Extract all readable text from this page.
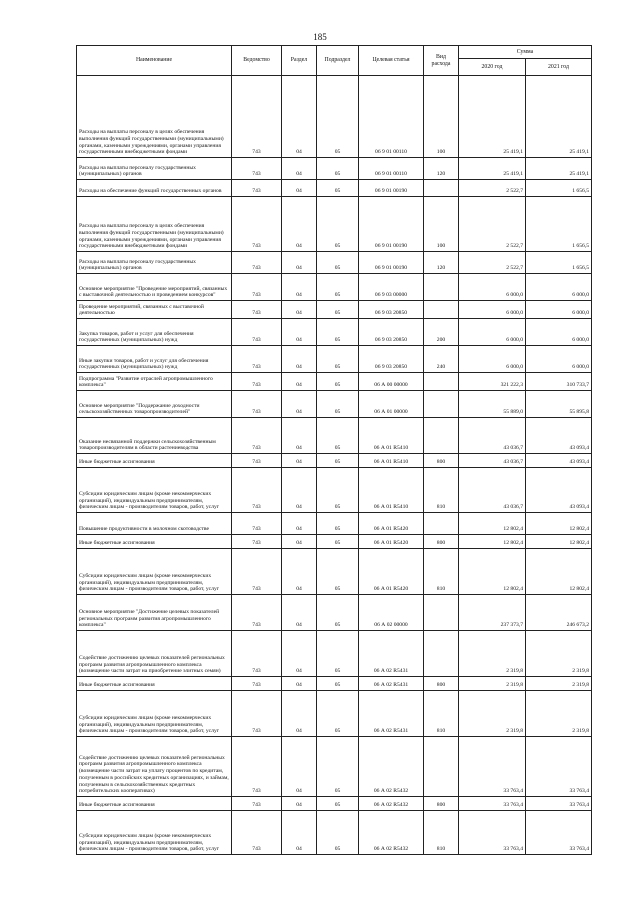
185
Наименование	Ведомство	Раздел	Подраздел	Целевая статья	Вид расхода	Сумма	
						2020 год	2021 год
Расходы на выплаты персоналу в целях обеспечения выполнения функций государственными (муниципальными) органами, казенными учреждениями, органами управления государственными внебюджетными фондами	743	04	05	06 9 01 00110	100	25 419,1	25 419,1
Расходы на выплаты персоналу государственных (муниципальных) органов	743	04	05	06 9 01 00110	120	25 419,1	25 419,1
Расходы на обеспечение функций государственных органов	743	04	05	06 9 01 00190		2 522,7	1 656,5
Расходы на выплаты персоналу в целях обеспечения выполнения функций государственными (муниципальными) органами, казенными учреждениями, органами управления государственными внебюджетными фондами	743	04	05	06 9 01 00190	100	2 522,7	1 656,5
Расходы на выплаты персоналу государственных (муниципальных) органов	743	04	05	06 9 01 00190	120	2 522,7	1 656,5
Основное мероприятие "Проведение мероприятий, связанных с выставочной деятельностью и проведением конкурсов"	743	04	05	06 9 03 00000		6 000,0	6 000,0
Проведение мероприятий, связанных с выставочной деятельностью	743	04	05	06 9 03 20850		6 000,0	6 000,0
Закупка товаров, работ и услуг для обеспечения государственных (муниципальных) нужд	743	04	05	06 9 03 20850	200	6 000,0	6 000,0
Иные закупки товаров, работ и услуг для обеспечения государственных (муниципальных) нужд	743	04	05	06 9 03 20850	240	6 000,0	6 000,0
Подпрограмма "Развитие отраслей агропромышленного комплекса"	743	04	05	06 А 00 00000		321 222,3	310 733,7
Основное мероприятие "Поддержание доходности сельскохозяйственных товаропроизводителей"	743	04	05	06 А 01 00000		55 889,0	55 895,8
Оказание несвязанной поддержки сельскохозяйственным товаропроизводителям в области растениеводства	743	04	05	06 А 01 R5410		43 036,7	43 093,4
Иные бюджетные ассигнования	743	04	05	06 А 01 R5410	800	43 036,7	43 093,4
Субсидии юридическим лицам (кроме некоммерческих организаций), индивидуальным предпринимателям, физическим лицам - производителям товаров, работ, услуг	743	04	05	06 А 01 R5410	810	43 036,7	43 093,4
Повышение продуктивности в молочном скотоводстве	743	04	05	06 А 01 R5420		12 802,4	12 802,4
Иные бюджетные ассигнования	743	04	05	06 А 01 R5420	800	12 802,4	12 802,4
Субсидии юридическим лицам (кроме некоммерческих организаций), индивидуальным предпринимателям, физическим лицам - производителям товаров, работ, услуг	743	04	05	06 А 01 R5420	810	12 802,4	12 802,4
Основное мероприятие "Достижение целевых показателей региональных программ развития агропромышленного комплекса"	743	04	05	06 А 02 00000		237 373,7	246 673,2
Содействие достижению целевых показателей региональных программ развития агропромышленного комплекса (возмещение части затрат на приобретение элитных семян)	743	04	05	06 А 02 R5431		2 319,8	2 319,8
Иные бюджетные ассигнования	743	04	05	06 А 02 R5431	800	2 319,8	2 319,8
Субсидии юридическим лицам (кроме некоммерческих организаций), индивидуальным предпринимателям, физическим лицам - производителям товаров, работ, услуг	743	04	05	06 А 02 R5431	810	2 319,8	2 319,8
Содействие достижению целевых показателей региональных программ развития агропромышленного комплекса (возмещение части затрат на уплату процентов по кредитам, полученным в российских кредитных организациях, и займам, полученным в сельскохозяйственных кредитных потребительских кооперативах)	743	04	05	06 А 02 R5432		33 763,4	33 763,4
Иные бюджетные ассигнования	743	04	05	06 А 02 R5432	800	33 763,4	33 763,4
Субсидии юридическим лицам (кроме некоммерческих организаций), индивидуальным предпринимателям, физическим лицам - производителям товаров, работ, услуг	743	04	05	06 А 02 R5432	810	33 763,4	33 763,4
